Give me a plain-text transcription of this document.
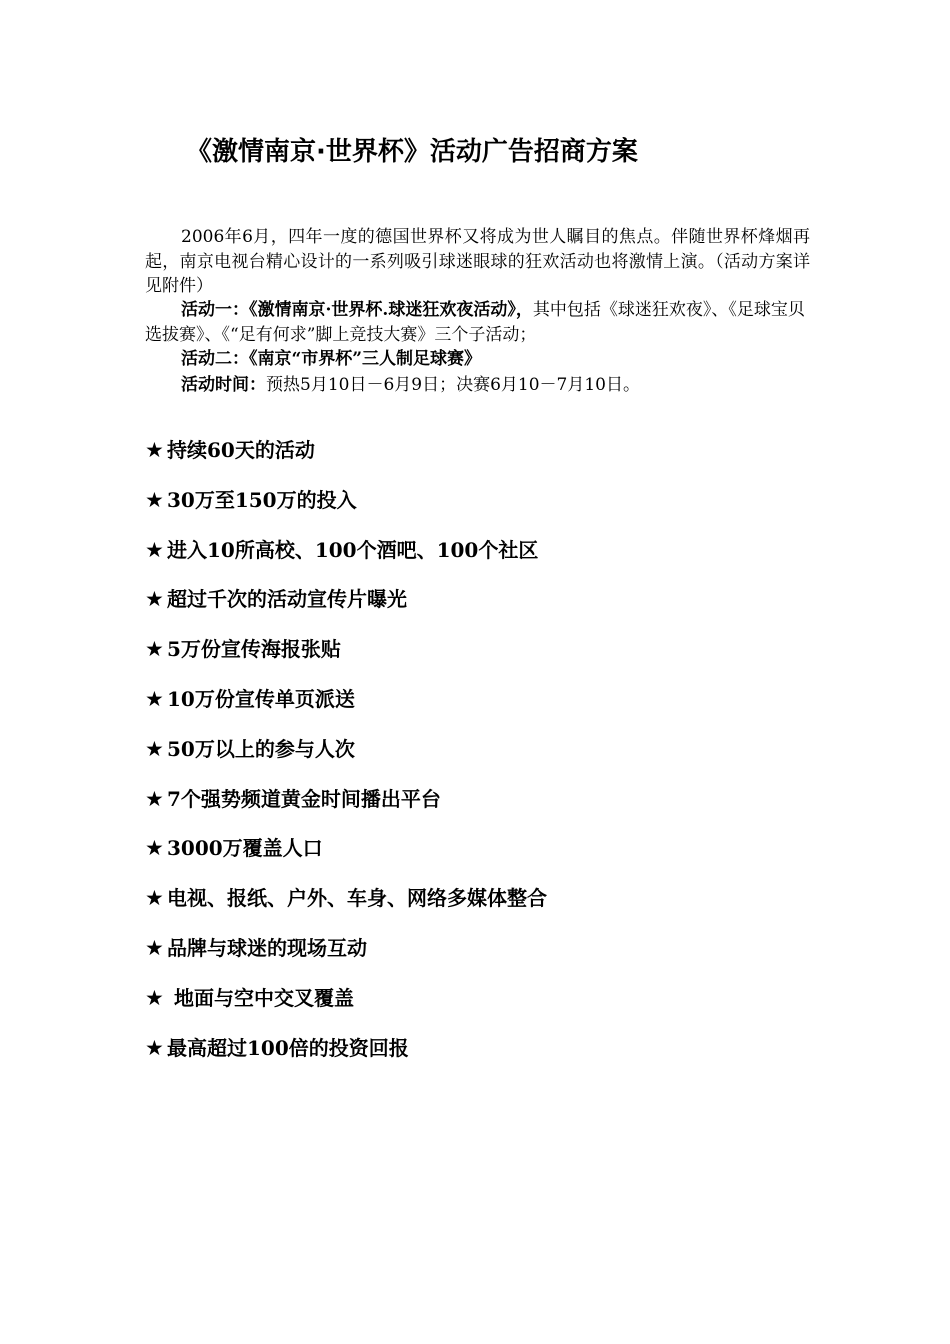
《激情南京·世界杯》活动广告招商方案

2006年6月，四年一度的德国世界杯又将成为世人瞩目的焦点。伴随世界杯烽烟再起，南京电视台精心设计的一系列吸引球迷眼球的狂欢活动也将激情上演。（活动方案详见附件）

活动一：《激情南京·世界杯.球迷狂欢夜活动》，其中包括《球迷狂欢夜》、《足球宝贝选拔赛》、《“足有何求”脚上竞技大赛》三个子活动；

活动二：《南京“市界杯”三人制足球赛》

活动时间：预热5月10日－6月9日；决赛6月10－7月10日。

★ 持续60天的活动
★ 30万至150万的投入
★ 进入10所高校、100个酒吧、100个社区
★ 超过千次的活动宣传片曝光
★ 5万份宣传海报张贴
★ 10万份宣传单页派送
★ 50万以上的参与人次
★ 7个强势频道黄金时间播出平台
★ 3000万覆盖人口
★ 电视、报纸、户外、车身、网络多媒体整合
★ 品牌与球迷的现场互动
★ 地面与空中交叉覆盖
★ 最高超过100倍的投资回报
